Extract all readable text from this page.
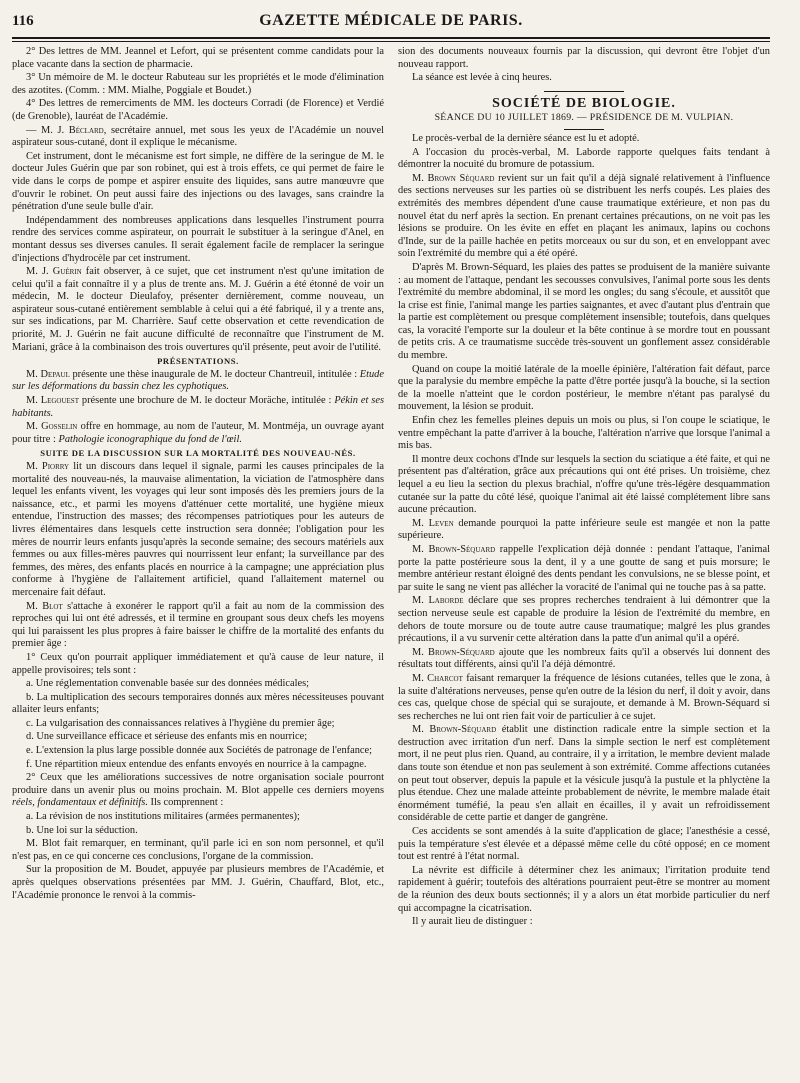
116	GAZETTE MÉDICALE DE PARIS.

2° Des lettres de MM. Jeannel et Lefort, qui se présentent comme candidats pour la place vacante dans la section de pharmacie.

3° Un mémoire de M. le docteur Rabuteau sur les propriétés et le mode d'élimination des azotites. (Comm. : MM. Mialhe, Poggiale et Boudet.)

4° Des lettres de remerciments de MM. les docteurs Corradi (de Florence) et Verdié (de Grenoble), lauréat de l'Académie.

— M. J. Béclard, secrétaire annuel, met sous les yeux de l'Académie un nouvel aspirateur sous-cutané, dont il explique le mécanisme.

Cet instrument, dont le mécanisme est fort simple, ne diffère de la seringue de M. le docteur Jules Guérin que par son robinet, qui est à trois effets, ce qui permet de faire le vide dans le corps de pompe et aspirer ensuite des liquides, sans autre manœuvre que d'ouvrir le robinet. On peut aussi faire des injections ou des lavages, sans craindre la pénétration d'une seule bulle d'air.

Indépendamment des nombreuses applications dans lesquelles l'instrument pourra rendre des services comme aspirateur, on pourrait le substituer à la seringue d'Anel, en montant dessus ses diverses canules. Il serait également facile de remplacer la seringue d'injections d'hydrocèle par cet instrument.

M. J. Guérin fait observer, à ce sujet, que cet instrument n'est qu'une imitation de celui qu'il a fait connaître il y a plus de trente ans. M. J. Guérin a été étonné de voir un médecin, M. le docteur Dieulafoy, présenter dernièrement, comme nouveau, un aspirateur sous-cutané entièrement semblable à celui qui a été fabriqué, il y a trente ans, sur ses indications, par M. Charrière. Sauf cette observation et cette revendication de priorité, M. J. Guérin ne fait aucune difficulté de reconnaître que l'instrument de M. Mariani, grâce à la combinaison des trois ouvertures qu'il présente, peut avoir de l'utilité.

PRÉSENTATIONS.

M. Depaul présente une thèse inaugurale de M. le docteur Chantreuil, intitulée : Etude sur les déformations du bassin chez les cyphotiques.

M. Legouest présente une brochure de M. le docteur Moräche, intitulée : Pékin et ses habitants.

M. Gosselin offre en hommage, au nom de l'auteur, M. Montméja, un ouvrage ayant pour titre : Pathologie iconographique du fond de l'œil.

SUITE DE LA DISCUSSION SUR LA MORTALITÉ DES NOUVEAU-NÉS.

M. Piorry lit un discours dans lequel il signale, parmi les causes principales de la mortalité des nouveau-nés, la mauvaise alimentation, la viciation de l'atmosphère dans lequel les enfants vivent, les voyages qui leur sont imposés dès les premiers jours de la naissance, etc., et parmi les moyens d'atténuer cette mortalité, une hygiène mieux entendue, l'instruction des masses; des récompenses patriotiques pour les auteurs de livres élémentaires dans lesquels cette instruction sera donnée; l'obligation pour les mères de nourrir leurs enfants jusqu'après la seconde semaine; des secours matériels aux femmes ou aux filles-mères pauvres qui nourrissent leur enfant; la surveillance par des femmes, des mères, des enfants placés en nourrice à la campagne; une appréciation plus conforme à l'hygiène de l'allaitement artificiel, quand l'allaitement maternel ou mercenaire fait défaut.

M. Blot s'attache à exonérer le rapport qu'il a fait au nom de la commission des reproches qui lui ont été adressés, et il termine en groupant sous deux chefs les moyens qui lui paraissent les plus propres à faire baisser le chiffre de la mortalité des enfants du premier âge :

1° Ceux qu'on pourrait appliquer immédiatement et qu'à cause de leur nature, il appelle provisoires; tels sont :

a. Une réglementation convenable basée sur des données médicales;

b. La multiplication des secours temporaires donnés aux mères nécessiteuses pouvant allaiter leurs enfants;

c. La vulgarisation des connaissances relatives à l'hygiène du premier âge;

d. Une surveillance efficace et sérieuse des enfants mis en nourrice;

e. L'extension la plus large possible donnée aux Sociétés de patronage de l'enfance;

f. Une répartition mieux entendue des enfants envoyés en nourrice à la campagne.

2° Ceux que les améliorations successives de notre organisation sociale pourront produire dans un avenir plus ou moins prochain. M. Blot appelle ces derniers moyens réels, fondamentaux et définitifs. Ils comprennent :

a. La révision de nos institutions militaires (armées permanentes);

b. Une loi sur la séduction.

M. Blot fait remarquer, en terminant, qu'il parle ici en son nom personnel, et qu'il n'est pas, en ce qui concerne ces conclusions, l'organe de la commission.

Sur la proposition de M. Boudet, appuyée par plusieurs membres de l'Académie, et après quelques observations présentées par MM. J. Guérin, Chauffard, Blot, etc., l'Académie prononce le renvoi à la commis-

sion des documents nouveaux fournis par la discussion, qui devront être l'objet d'un nouveau rapport.

La séance est levée à cinq heures.

SOCIÉTÉ DE BIOLOGIE.
SÉANCE DU 10 JUILLET 1869. — PRÉSIDENCE DE M. VULPIAN.

Le procès-verbal de la dernière séance est lu et adopté.

A l'occasion du procès-verbal, M. Laborde rapporte quelques faits tendant à démontrer la nocuité du bromure de potassium.

M. Brown Séquard revient sur un fait qu'il a déjà signalé relativement à l'influence des sections nerveuses sur les parties où se distribuent les nerfs coupés. Les plaies des extrémités des membres dépendent d'une cause traumatique extérieure, et non pas du nouvel état du nerf après la section. En prenant certaines précautions, on ne voit pas les lésions se produire. On les évite en effet en plaçant les animaux, lapins ou cochons d'Inde, sur de la paille hachée en petits morceaux ou sur du son, et en enveloppant avec soin l'extrémité du membre qui a été opéré.

D'après M. Brown-Séquard, les plaies des pattes se produisent de la manière suivante : au moment de l'attaque, pendant les secousses convulsives, l'animal porte sous les dents l'extrémité du membre abdominal, il se mord les ongles; du sang s'écoule, et aussitôt que la crise est finie, l'animal mange les parties saignantes, et avec d'autant plus d'entrain que la partie est complètement ou presque complètement insensible; toutefois, dans quelques cas, la voracité l'emporte sur la douleur et la bête continue à se mordre tout en poussant de petits cris. A ce traumatisme succède très-souvent un gonflement assez considérable du membre.

Quand on coupe la moitié latérale de la moelle épinière, l'altération fait défaut, parce que la paralysie du membre empêche la patte d'être portée jusqu'à la bouche, si la section de la moelle n'atteint que le cordon postérieur, le membre n'étant pas paralysé du mouvement, la lésion se produit.

Enfin chez les femelles pleines depuis un mois ou plus, si l'on coupe le sciatique, le ventre empêchant la patte d'arriver à la bouche, l'altération n'arrive que lorsque l'animal a mis bas.

Il montre deux cochons d'Inde sur lesquels la section du sciatique a été faite, et qui ne présentent pas d'altération, grâce aux précautions qui ont été prises. Un troisième, chez lequel a eu lieu la section du plexus brachial, n'offre qu'une très-légère desquammation cutanée sur la patte du côté lésé, quoique l'animal ait été laissé complétement libre sans aucune précaution.

M. Leven demande pourquoi la patte inférieure seule est mangée et non la patte supérieure.

M. Brown-Séquard rappelle l'explication déjà donnée : pendant l'attaque, l'animal porte la patte postérieure sous la dent, il y a une goutte de sang et puis morsure; le membre antérieur restant éloigné des dents pendant les convulsions, ne se blesse point, et par suite le sang ne vient pas allécher la voracité de l'animal qui ne touche pas à sa patte.

M. Laborde déclare que ses propres recherches tendraient à lui démontrer que la section nerveuse seule est capable de produire la lésion de l'extrémité du membre, en dehors de toute morsure ou de toute autre cause traumatique; malgré les plus grandes précautions, il a vu survenir cette altération dans la patte d'un animal qu'il a opéré.

M. Brown-Séquard ajoute que les nombreux faits qu'il a observés lui donnent des résultats tout différents, ainsi qu'il l'a déjà démontré.

M. Charcot faisant remarquer la fréquence de lésions cutanées, telles que le zona, à la suite d'altérations nerveuses, pense qu'en outre de la lésion du nerf, il doit y avoir, dans ces cas, quelque chose de spécial qui se surajoute, et demande à M. Brown-Séquard si ses recherches ne lui ont rien fait voir de particulier à ce sujet.

M. Brown-Séquard établit une distinction radicale entre la simple section et la destruction avec irritation d'un nerf. Dans la simple section le nerf est complètement mort, il ne peut plus rien. Quand, au contraire, il y a irritation, le membre devient malade dans toute son étendue et non pas seulement à son extrémité. Comme affections cutanées on peut tout observer, depuis la papule et la vésicule jusqu'à la pustule et la phlyctène la plus étendue. Chez une malade atteinte probablement de névrite, le membre malade était énormément tuméfié, la peau s'en allait en écailles, il y avait un refroidissement considérable de cette partie et danger de gangrène.

Ces accidents se sont amendés à la suite d'application de glace; l'anesthésie a cessé, puis la température s'est élevée et a dépassé même celle du côté opposé; en ce moment tout est rentré à l'état normal.

La névrite est difficile à déterminer chez les animaux; l'irritation produite tend rapidement à guérir; toutefois des altérations pourraient peut-être se montrer au moment de la réunion des deux bouts sectionnés; il y a alors un état morbide particulier du nerf qui accompagne la cicatrisation.

Il y aurait lieu de distinguer :
